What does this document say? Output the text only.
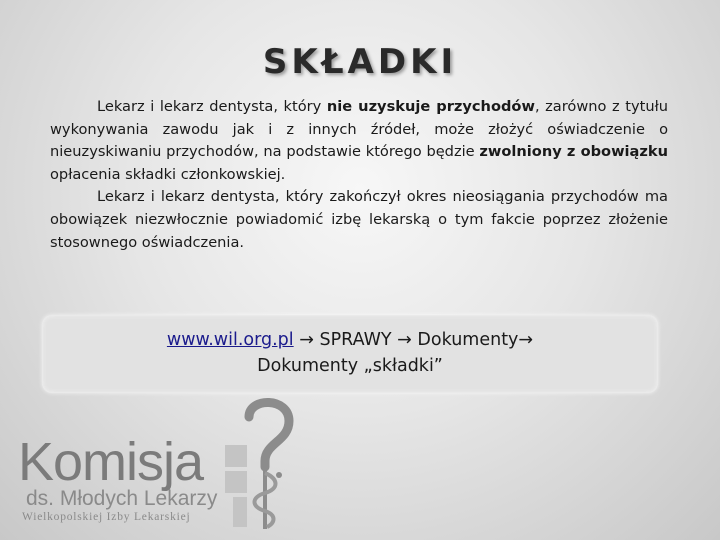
SKŁADKI

Lekarz i lekarz dentysta, który nie uzyskuje przychodów, zarówno z tytułu wykonywania zawodu jak i z innych źródeł, może złożyć oświadczenie o nieuzyskiwaniu przychodów, na podstawie którego będzie zwolniony z obowiązku opłacenia składki członkowskiej.

Lekarz i lekarz dentysta, który zakończył okres nieosiągania przychodów ma obowiązek niezwłocznie powiadomić izbę lekarską o tym fakcie poprzez złożenie stosownego oświadczenia.

www.wil.org.pl → SPRAWY → Dokumenty→
Dokumenty „składki”
Komisja
ds. Młodych Lekarzy
Wielkopolskiej Izby Lekarskiej
